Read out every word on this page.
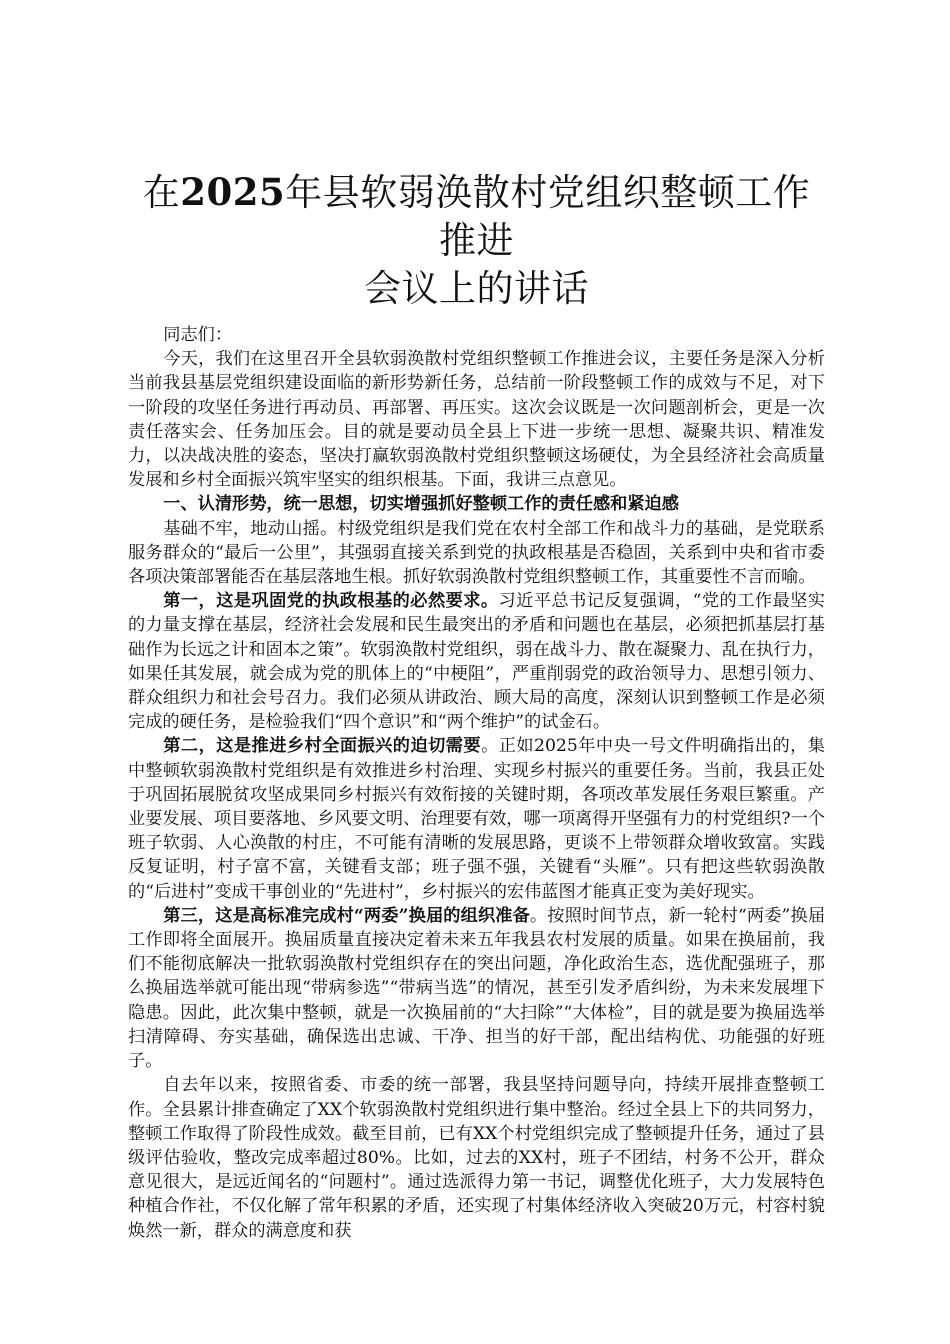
在2025年县软弱涣散村党组织整顿工作推进
会议上的讲话

同志们：

今天，我们在这里召开全县软弱涣散村党组织整顿工作推进会议，主要任务是深入分析当前我县基层党组织建设面临的新形势新任务，总结前一阶段整顿工作的成效与不足，对下一阶段的攻坚任务进行再动员、再部署、再压实。这次会议既是一次问题剖析会，更是一次责任落实会、任务加压会。目的就是要动员全县上下进一步统一思想、凝聚共识、精准发力，以决战决胜的姿态，坚决打赢软弱涣散村党组织整顿这场硬仗，为全县经济社会高质量发展和乡村全面振兴筑牢坚实的组织根基。下面，我讲三点意见。

一、认清形势，统一思想，切实增强抓好整顿工作的责任感和紧迫感

基础不牢，地动山摇。村级党组织是我们党在农村全部工作和战斗力的基础，是党联系服务群众的“最后一公里”，其强弱直接关系到党的执政根基是否稳固，关系到中央和省市委各项决策部署能否在基层落地生根。抓好软弱涣散村党组织整顿工作，其重要性不言而喻。

第一，这是巩固党的执政根基的必然要求。习近平总书记反复强调，“党的工作最坚实的力量支撑在基层，经济社会发展和民生最突出的矛盾和问题也在基层，必须把抓基层打基础作为长远之计和固本之策”。软弱涣散村党组织，弱在战斗力、散在凝聚力、乱在执行力，如果任其发展，就会成为党的肌体上的“中梗阻”，严重削弱党的政治领导力、思想引领力、群众组织力和社会号召力。我们必须从讲政治、顾大局的高度，深刻认识到整顿工作是必须完成的硬任务，是检验我们“四个意识”和“两个维护”的试金石。

第二，这是推进乡村全面振兴的迫切需要。正如2025年中央一号文件明确指出的，集中整顿软弱涣散村党组织是有效推进乡村治理、实现乡村振兴的重要任务。当前，我县正处于巩固拓展脱贫攻坚成果同乡村振兴有效衔接的关键时期，各项改革发展任务艰巨繁重。产业要发展、项目要落地、乡风要文明、治理要有效，哪一项离得开坚强有力的村党组织?一个班子软弱、人心涣散的村庄，不可能有清晰的发展思路，更谈不上带领群众增收致富。实践反复证明，村子富不富，关键看支部；班子强不强，关键看“头雁”。只有把这些软弱涣散的“后进村”变成干事创业的“先进村”，乡村振兴的宏伟蓝图才能真正变为美好现实。

第三，这是高标准完成村“两委”换届的组织准备。按照时间节点，新一轮村“两委”换届工作即将全面展开。换届质量直接决定着未来五年我县农村发展的质量。如果在换届前，我们不能彻底解决一批软弱涣散村党组织存在的突出问题，净化政治生态，选优配强班子，那么换届选举就可能出现“带病参选”“带病当选”的情况，甚至引发矛盾纠纷，为未来发展埋下隐患。因此，此次集中整顿，就是一次换届前的“大扫除”“大体检”，目的就是要为换届选举扫清障碍、夯实基础，确保选出忠诚、干净、担当的好干部，配出结构优、功能强的好班子。

自去年以来，按照省委、市委的统一部署，我县坚持问题导向，持续开展排查整顿工作。全县累计排查确定了XX个软弱涣散村党组织进行集中整治。经过全县上下的共同努力，整顿工作取得了阶段性成效。截至目前，已有XX个村党组织完成了整顿提升任务，通过了县级评估验收，整改完成率超过80%。比如，过去的XX村，班子不团结，村务不公开，群众意见很大，是远近闻名的“问题村”。通过选派得力第一书记，调整优化班子，大力发展特色种植合作社，不仅化解了常年积累的矛盾，还实现了村集体经济收入突破20万元，村容村貌焕然一新，群众的满意度和获
